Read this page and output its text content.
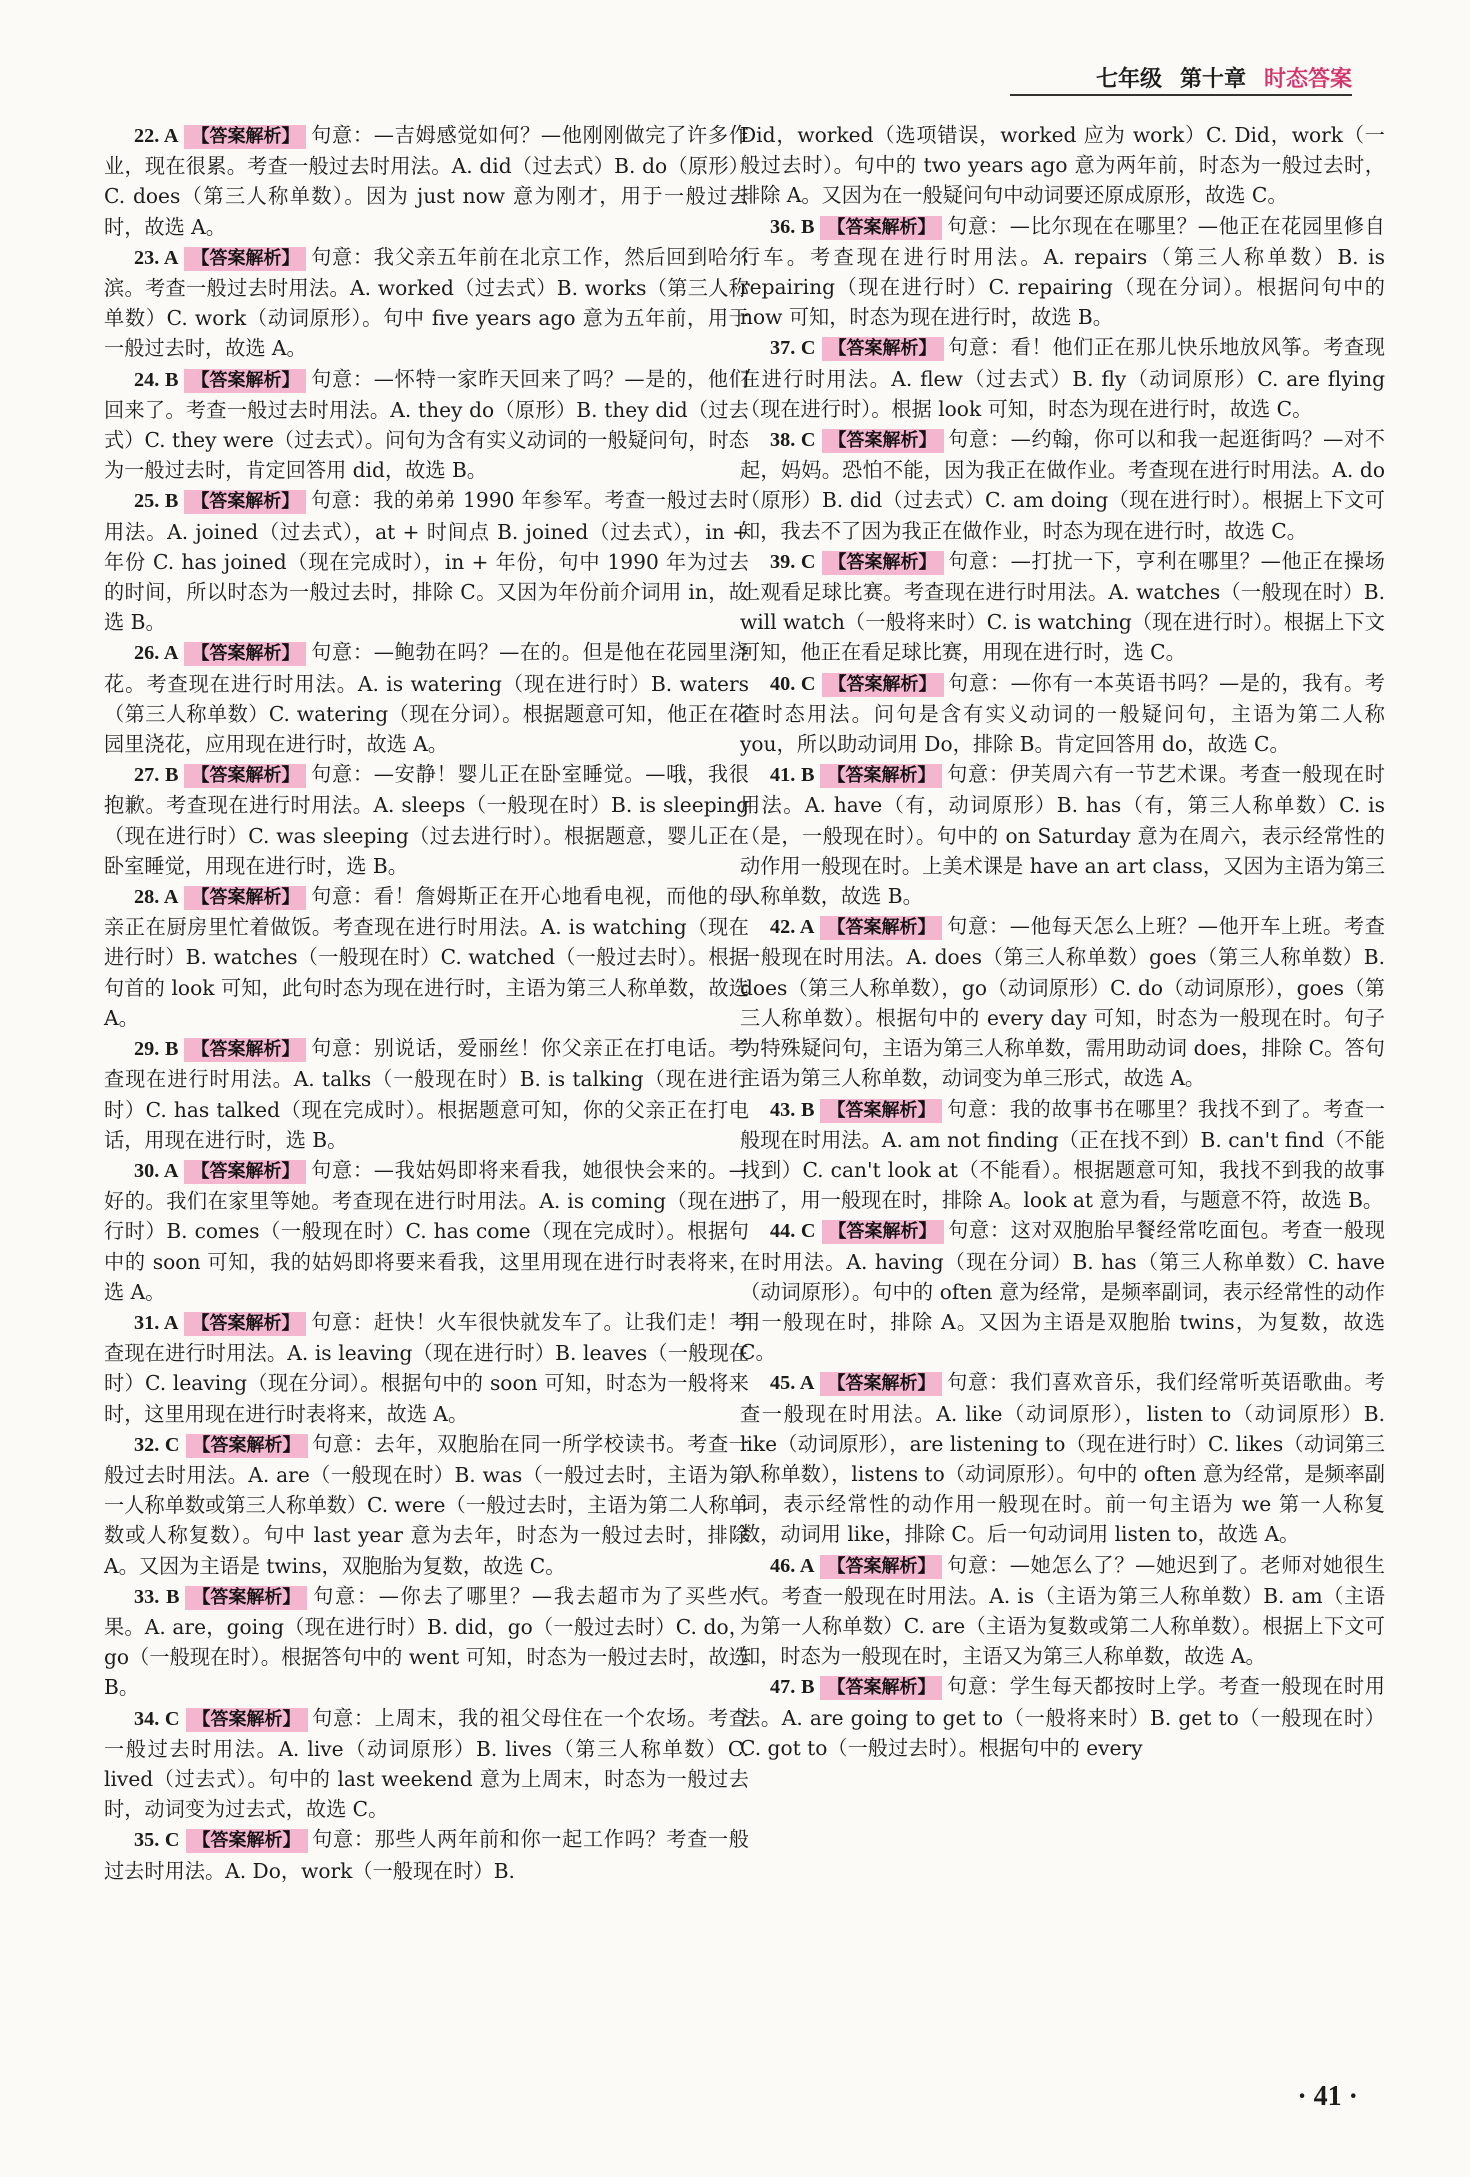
七年级 第十章 时态答案

22. A 【答案解析】 句意：—吉姆感觉如何？—他刚刚做完了许多作业，现在很累。考查一般过去时用法。A. did（过去式）B. do（原形）C. does（第三人称单数）。因为 just now 意为刚才，用于一般过去时，故选 A。

23. A 【答案解析】 句意：我父亲五年前在北京工作，然后回到哈尔滨。考查一般过去时用法。A. worked（过去式）B. works（第三人称单数）C. work（动词原形）。句中 five years ago 意为五年前，用于一般过去时，故选 A。

24. B 【答案解析】 句意：—怀特一家昨天回来了吗？—是的，他们回来了。考查一般过去时用法。A. they do（原形）B. they did（过去式）C. they were（过去式）。问句为含有实义动词的一般疑问句，时态为一般过去时，肯定回答用 did，故选 B。

25. B 【答案解析】 句意：我的弟弟 1990 年参军。考查一般过去时用法。A. joined（过去式），at + 时间点 B. joined（过去式），in + 年份 C. has joined（现在完成时），in + 年份，句中 1990 年为过去的时间，所以时态为一般过去时，排除 C。又因为年份前介词用 in，故选 B。

26. A 【答案解析】 句意：—鲍勃在吗？—在的。但是他在花园里浇花。考查现在进行时用法。A. is watering（现在进行时）B. waters（第三人称单数）C. watering（现在分词）。根据题意可知，他正在花园里浇花，应用现在进行时，故选 A。

27. B 【答案解析】 句意：—安静！婴儿正在卧室睡觉。—哦，我很抱歉。考查现在进行时用法。A. sleeps（一般现在时）B. is sleeping（现在进行时）C. was sleeping（过去进行时）。根据题意，婴儿正在卧室睡觉，用现在进行时，选 B。

28. A 【答案解析】 句意：看！詹姆斯正在开心地看电视，而他的母亲正在厨房里忙着做饭。考查现在进行时用法。A. is watching（现在进行时）B. watches（一般现在时）C. watched（一般过去时）。根据句首的 look 可知，此句时态为现在进行时，主语为第三人称单数，故选 A。

29. B 【答案解析】 句意：别说话，爱丽丝！你父亲正在打电话。考查现在进行时用法。A. talks（一般现在时）B. is talking（现在进行时）C. has talked（现在完成时）。根据题意可知，你的父亲正在打电话，用现在进行时，选 B。

30. A 【答案解析】 句意：—我姑妈即将来看我，她很快会来的。—好的。我们在家里等她。考查现在进行时用法。A. is coming（现在进行时）B. comes（一般现在时）C. has come（现在完成时）。根据句中的 soon 可知，我的姑妈即将要来看我，这里用现在进行时表将来，选 A。

31. A 【答案解析】 句意：赶快！火车很快就发车了。让我们走！考查现在进行时用法。A. is leaving（现在进行时）B. leaves（一般现在时）C. leaving（现在分词）。根据句中的 soon 可知，时态为一般将来时，这里用现在进行时表将来，故选 A。

32. C 【答案解析】 句意：去年，双胞胎在同一所学校读书。考查一般过去时用法。A. are（一般现在时）B. was（一般过去时，主语为第一人称单数或第三人称单数）C. were（一般过去时，主语为第二人称单数或人称复数）。句中 last year 意为去年，时态为一般过去时，排除 A。又因为主语是 twins，双胞胎为复数，故选 C。

33. B 【答案解析】 句意：—你去了哪里？—我去超市为了买些水果。A. are，going（现在进行时）B. did，go（一般过去时）C. do，go（一般现在时）。根据答句中的 went 可知，时态为一般过去时，故选 B。

34. C 【答案解析】 句意：上周末，我的祖父母住在一个农场。考查一般过去时用法。A. live（动词原形）B. lives（第三人称单数）C. lived（过去式）。句中的 last weekend 意为上周末，时态为一般过去时，动词变为过去式，故选 C。

35. C 【答案解析】 句意：那些人两年前和你一起工作吗？考查一般过去时用法。A. Do，work（一般现在时）B.

Did，worked（选项错误，worked 应为 work）C. Did，work（一般过去时）。句中的 two years ago 意为两年前，时态为一般过去时，排除 A。又因为在一般疑问句中动词要还原成原形，故选 C。

36. B 【答案解析】 句意：—比尔现在在哪里？—他正在花园里修自行车。考查现在进行时用法。A. repairs（第三人称单数）B. is repairing（现在进行时）C. repairing（现在分词）。根据问句中的 now 可知，时态为现在进行时，故选 B。

37. C 【答案解析】 句意：看！他们正在那儿快乐地放风筝。考查现在进行时用法。A. flew（过去式）B. fly（动词原形）C. are flying（现在进行时）。根据 look 可知，时态为现在进行时，故选 C。

38. C 【答案解析】 句意：—约翰，你可以和我一起逛街吗？—对不起，妈妈。恐怕不能，因为我正在做作业。考查现在进行时用法。A. do（原形）B. did（过去式）C. am doing（现在进行时）。根据上下文可知，我去不了因为我正在做作业，时态为现在进行时，故选 C。

39. C 【答案解析】 句意：—打扰一下，亨利在哪里？—他正在操场上观看足球比赛。考查现在进行时用法。A. watches（一般现在时）B. will watch（一般将来时）C. is watching（现在进行时）。根据上下文可知，他正在看足球比赛，用现在进行时，选 C。

40. C 【答案解析】 句意：—你有一本英语书吗？—是的，我有。考查时态用法。问句是含有实义动词的一般疑问句，主语为第二人称 you，所以助动词用 Do，排除 B。肯定回答用 do，故选 C。

41. B 【答案解析】 句意：伊芙周六有一节艺术课。考查一般现在时用法。A. have（有，动词原形）B. has（有，第三人称单数）C. is（是，一般现在时）。句中的 on Saturday 意为在周六，表示经常性的动作用一般现在时。上美术课是 have an art class，又因为主语为第三人称单数，故选 B。

42. A 【答案解析】 句意：—他每天怎么上班？—他开车上班。考查一般现在时用法。A. does（第三人称单数）goes（第三人称单数）B. does（第三人称单数），go（动词原形）C. do（动词原形），goes（第三人称单数）。根据句中的 every day 可知，时态为一般现在时。句子为特殊疑问句，主语为第三人称单数，需用助动词 does，排除 C。答句主语为第三人称单数，动词变为单三形式，故选 A。

43. B 【答案解析】 句意：我的故事书在哪里？我找不到了。考查一般现在时用法。A. am not finding（正在找不到）B. can't find（不能找到）C. can't look at（不能看）。根据题意可知，我找不到我的故事书了，用一般现在时，排除 A。look at 意为看，与题意不符，故选 B。

44. C 【答案解析】 句意：这对双胞胎早餐经常吃面包。考查一般现在时用法。A. having（现在分词）B. has（第三人称单数）C. have（动词原形）。句中的 often 意为经常，是频率副词，表示经常性的动作用一般现在时，排除 A。又因为主语是双胞胎 twins，为复数，故选 C。

45. A 【答案解析】 句意：我们喜欢音乐，我们经常听英语歌曲。考查一般现在时用法。A. like（动词原形），listen to（动词原形）B. like（动词原形），are listening to（现在进行时）C. likes（动词第三人称单数），listens to（动词原形）。句中的 often 意为经常，是频率副词，表示经常性的动作用一般现在时。前一句主语为 we 第一人称复数，动词用 like，排除 C。后一句动词用 listen to，故选 A。

46. A 【答案解析】 句意：—她怎么了？—她迟到了。老师对她很生气。考查一般现在时用法。A. is（主语为第三人称单数）B. am（主语为第一人称单数）C. are（主语为复数或第二人称单数）。根据上下文可知，时态为一般现在时，主语又为第三人称单数，故选 A。

47. B 【答案解析】 句意：学生每天都按时上学。考查一般现在时用法。A. are going to get to（一般将来时）B. get to（一般现在时）C. got to（一般过去时）。根据句中的 every

· 41 ·
